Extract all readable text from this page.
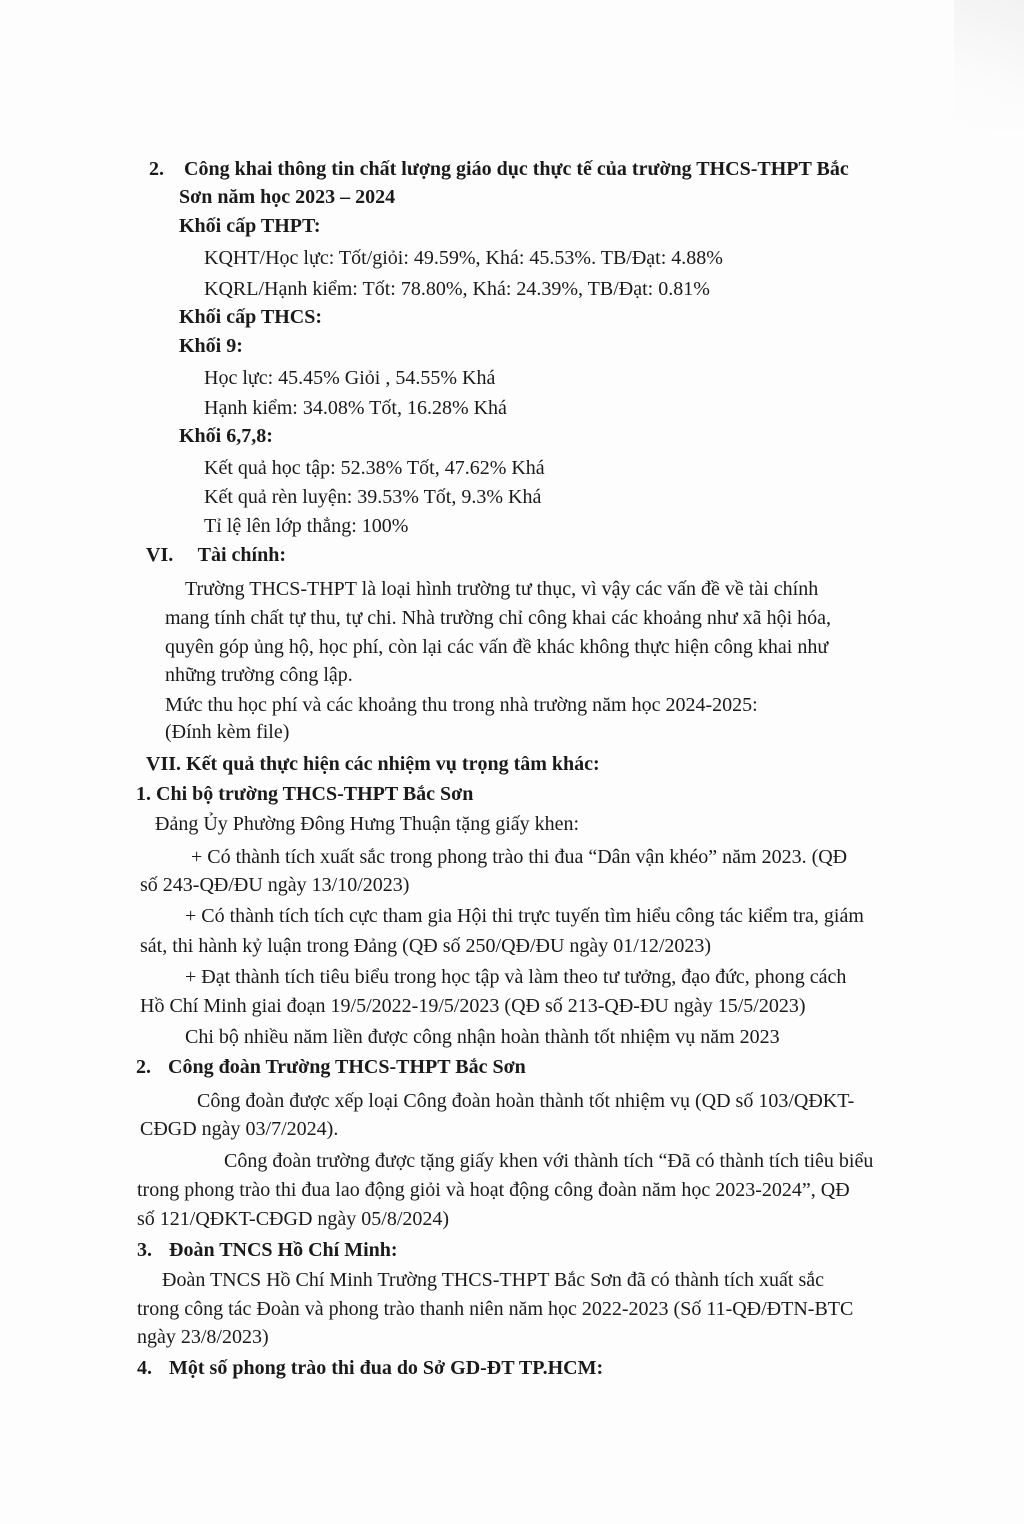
2. Công khai thông tin chất lượng giáo dục thực tế của trường THCS-THPT Bắc
Sơn năm học 2023 – 2024
Khối cấp THPT:
KQHT/Học lực: Tốt/giỏi: 49.59%, Khá: 45.53%. TB/Đạt: 4.88%
KQRL/Hạnh kiểm: Tốt: 78.80%, Khá: 24.39%, TB/Đạt: 0.81%
Khối cấp THCS:
Khối 9:
Học lực: 45.45% Giỏi , 54.55% Khá
Hạnh kiểm: 34.08% Tốt, 16.28% Khá
Khối 6,7,8:
Kết quả học tập: 52.38% Tốt, 47.62% Khá
Kết quả rèn luyện: 39.53% Tốt, 9.3% Khá
Tỉ lệ lên lớp thẳng: 100%
VI. Tài chính:
Trường THCS-THPT là loại hình trường tư thục, vì vậy các vấn đề về tài chính
mang tính chất tự thu, tự chi. Nhà trường chỉ công khai các khoảng như xã hội hóa,
quyên góp ủng hộ, học phí, còn lại các vấn đề khác không thực hiện công khai như
những trường công lập.
Mức thu học phí và các khoảng thu trong nhà trường năm học 2024-2025:
(Đính kèm file)
VII. Kết quả thực hiện các nhiệm vụ trọng tâm khác:
1. Chi bộ trường THCS-THPT Bắc Sơn
Đảng Ủy Phường Đông Hưng Thuận tặng giấy khen:
+ Có thành tích xuất sắc trong phong trào thi đua “Dân vận khéo” năm 2023. (QĐ
số 243-QĐ/ĐU ngày 13/10/2023)
+ Có thành tích tích cực tham gia Hội thi trực tuyến tìm hiểu công tác kiểm tra, giám
sát, thi hành kỷ luận trong Đảng (QĐ số 250/QĐ/ĐU ngày 01/12/2023)
+ Đạt thành tích tiêu biểu trong học tập và làm theo tư tưởng, đạo đức, phong cách
Hồ Chí Minh giai đoạn 19/5/2022-19/5/2023 (QĐ số 213-QĐ-ĐU ngày 15/5/2023)
Chi bộ nhiều năm liền được công nhận hoàn thành tốt nhiệm vụ năm 2023
2. Công đoàn Trường THCS-THPT Bắc Sơn
Công đoàn được xếp loại Công đoàn hoàn thành tốt nhiệm vụ (QD số 103/QĐKT-
CĐGD ngày 03/7/2024).
Công đoàn trường được tặng giấy khen với thành tích “Đã có thành tích tiêu biểu
trong phong trào thi đua lao động giỏi và hoạt động công đoàn năm học 2023-2024”, QĐ
số 121/QĐKT-CĐGD ngày 05/8/2024)
3. Đoàn TNCS Hồ Chí Minh:
Đoàn TNCS Hồ Chí Minh Trường THCS-THPT Bắc Sơn đã có thành tích xuất sắc
trong công tác Đoàn và phong trào thanh niên năm học 2022-2023 (Số 11-QĐ/ĐTN-BTC
ngày 23/8/2023)
4. Một số phong trào thi đua do Sở GD-ĐT TP.HCM:
